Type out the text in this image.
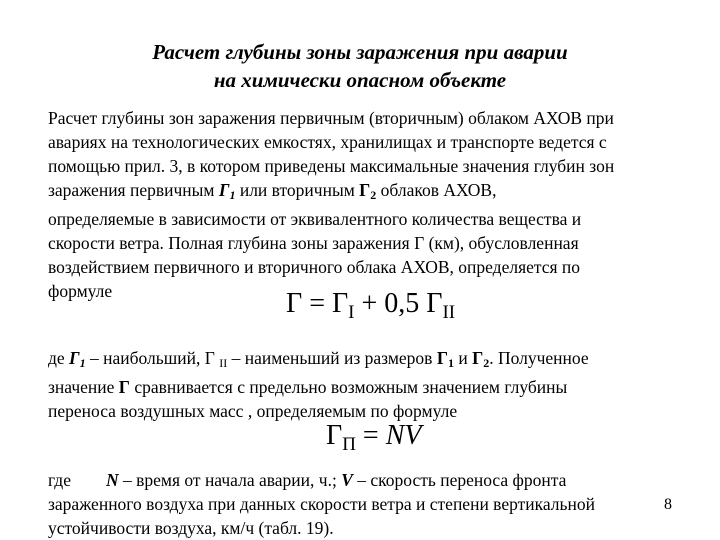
Расчет глубины зоны заражения при аварии
на химически опасном объекте
Расчет глубины зон заражения первичным (вторичным) облаком АХОВ при
авариях на технологических емкостях, хранилищах и транспорте ведется с
помощью прил. 3, в котором приведены максимальные значения глубин зон
заражения первичным $Г_1$ или вторичным $Г_2$ облаков АХОВ,
определяемые в зависимости от эквивалентного количества вещества и
скорости ветра. Полная глубина зоны заражения Г (км), обусловленная
воздействием первичного и вторичного облака АХОВ, определяется по
формуле	$Г = Г_I + 0,5$ $Г_{II}$
де $Г_1$ – наибольший, Г $_{II}$ – наименьший из размеров $Г_1$ и $Г_2$. Полученное
значение Г сравнивается с предельно возможным значением глубины
переноса воздушных масс , определяемым по формуле
$Г_П$ = NV
где        N – время от начала аварии, ч.; V – скорость переноса фронта
зараженного воздуха при данных скорости ветра и степени вертикальной
устойчивости воздуха, км/ч (табл. 19).
8
